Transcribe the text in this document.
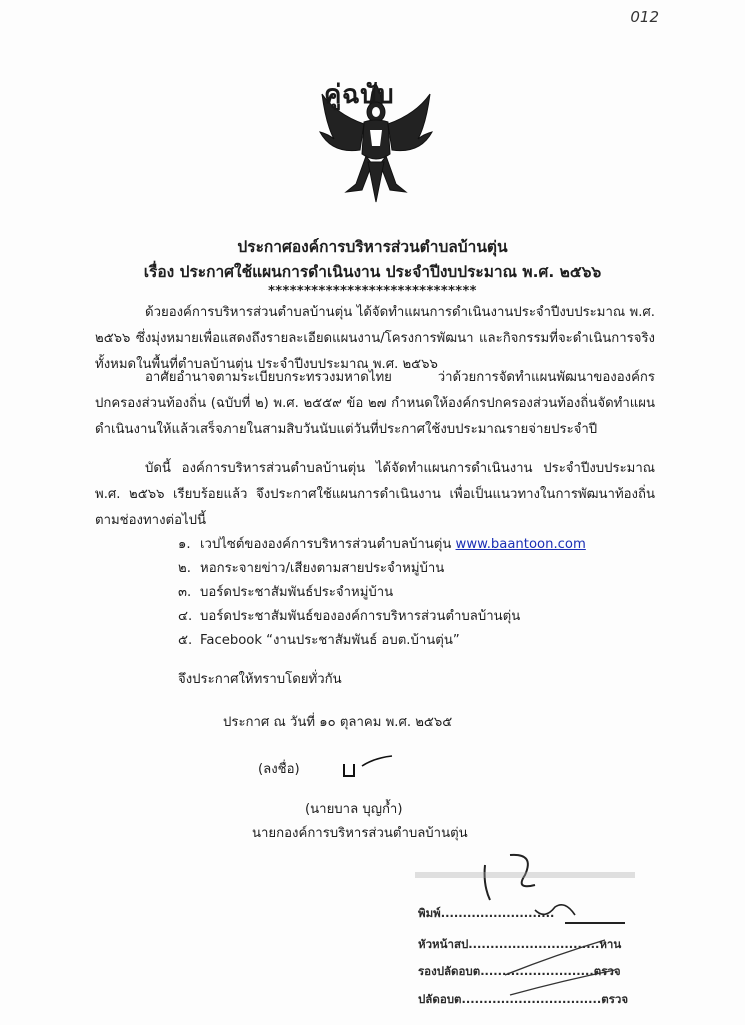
012
คู่ฉบับ
ประกาศองค์การบริหารส่วนตำบลบ้านตุ่น
เรื่อง ประกาศใช้แผนการดำเนินงาน ประจำปีงบประมาณ พ.ศ. ๒๕๖๖
*****************************
ด้วยองค์การบริหารส่วนตำบลบ้านตุ่น ได้จัดทำแผนการดำเนินงานประจำปีงบประมาณ พ.ศ. ๒๕๖๖ ซึ่งมุ่งหมายเพื่อแสดงถึงรายละเอียดแผนงาน/โครงการพัฒนา และกิจกรรมที่จะดำเนินการจริงทั้งหมดในพื้นที่ตำบลบ้านตุ่น ประจำปีงบประมาณ พ.ศ. ๒๕๖๖
อาศัยอำนาจตามระเบียบกระทรวงมหาดไทย ว่าด้วยการจัดทำแผนพัฒนาขององค์กรปกครองส่วนท้องถิ่น (ฉบับที่ ๒) พ.ศ. ๒๕๕๙ ข้อ ๒๗ กำหนดให้องค์กรปกครองส่วนท้องถิ่นจัดทำแผนดำเนินงานให้แล้วเสร็จภายในสามสิบวันนับแต่วันที่ประกาศใช้งบประมาณรายจ่ายประจำปี
บัดนี้ องค์การบริหารส่วนตำบลบ้านตุ่น ได้จัดทำแผนการดำเนินงาน ประจำปีงบประมาณ พ.ศ. ๒๕๖๖ เรียบร้อยแล้ว จึงประกาศใช้แผนการดำเนินงาน เพื่อเป็นแนวทางในการพัฒนาท้องถิ่นตามช่องทางต่อไปนี้
๑. เวปไซต์ขององค์การบริหารส่วนตำบลบ้านตุ่น www.baantoon.com
๒. หอกระจายข่าว/เสียงตามสายประจำหมู่บ้าน
๓. บอร์ดประชาสัมพันธ์ประจำหมู่บ้าน
๔. บอร์ดประชาสัมพันธ์ขององค์การบริหารส่วนตำบลบ้านตุ่น
๕. Facebook “งานประชาสัมพันธ์ อบต.บ้านตุ่น”
จึงประกาศให้ทราบโดยทั่วกัน
ประกาศ ณ วันที่ ๑๐ ตุลาคม พ.ศ. ๒๕๖๕
(ลงชื่อ)
(นายบาล บุญก้ำ)
นายกองค์การบริหารส่วนตำบลบ้านตุ่น
พิมพ์..........................
หัวหน้าสป..............................หาน
รองปลัดอบต..........................ตรวจ
ปลัดอบต................................ตรวจ
